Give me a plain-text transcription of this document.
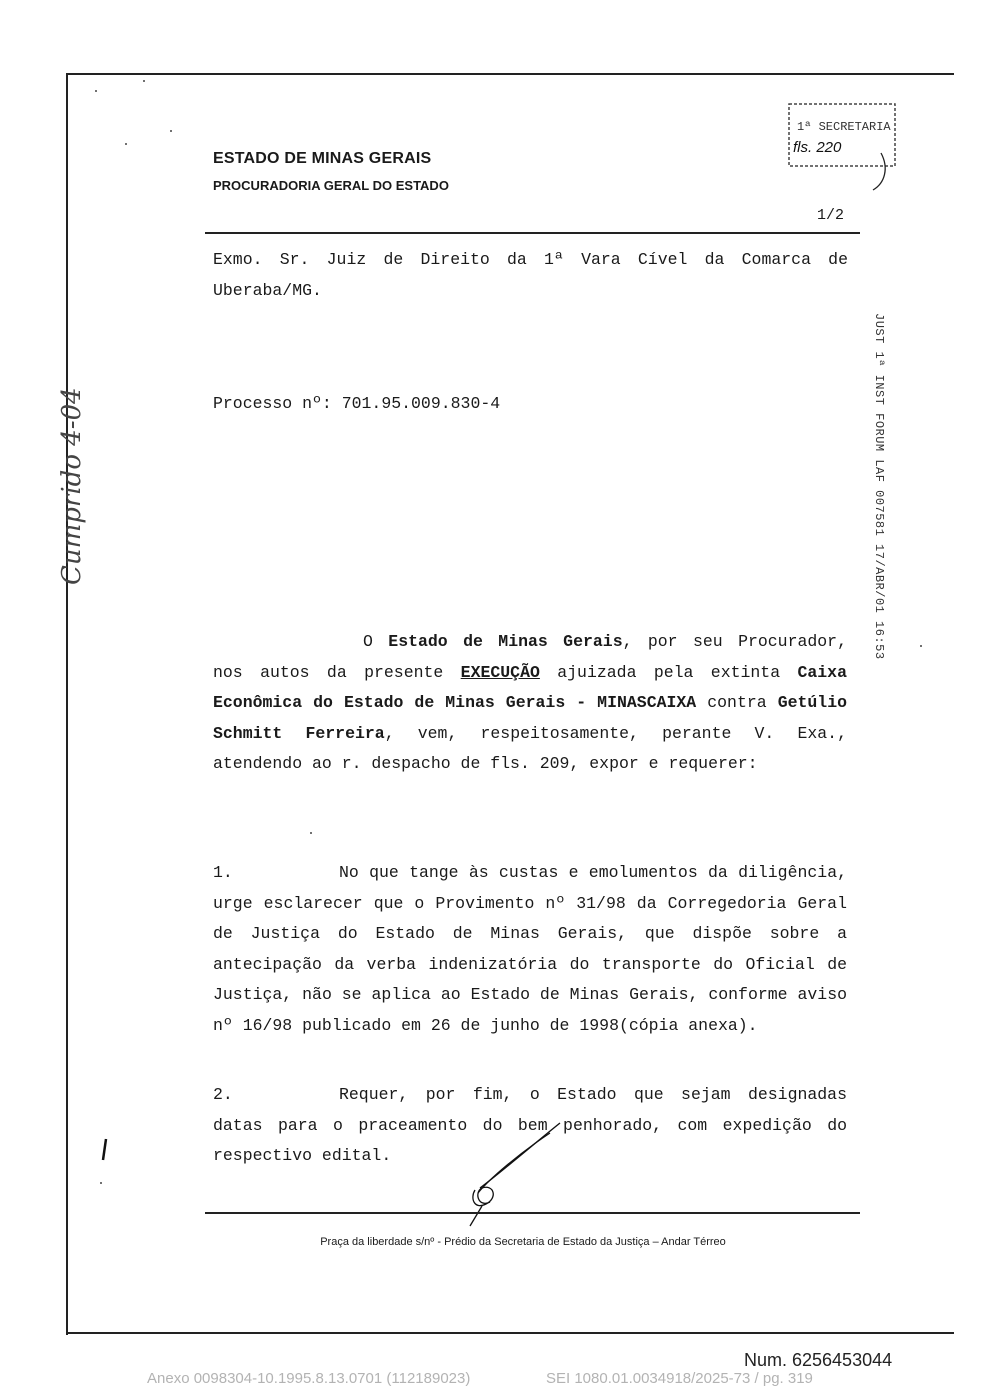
ESTADO DE MINAS GERAIS
PROCURADORIA GERAL DO ESTADO
1/2
1ª SECRETARIA
fls. 220
JUST 1ª INST FORUM LAF 007581 17/ABR/01 16:53
Cumprido 4-04
Exmo. Sr. Juiz de Direito da 1ª Vara Cível da Comarca de Uberaba/MG.
Processo nº: 701.95.009.830-4
O Estado de Minas Gerais, por seu Procurador, nos autos da presente EXECUÇÃO ajuizada pela extinta Caixa Econômica do Estado de Minas Gerais - MINASCAIXA contra Getúlio Schmitt Ferreira, vem, respeitosamente, perante V. Exa., atendendo ao r. despacho de fls. 209, expor e requerer:
1.	No que tange às custas e emolumentos da diligência, urge esclarecer que o Provimento nº 31/98 da Corregedoria Geral de Justiça do Estado de Minas Gerais, que dispõe sobre a antecipação da verba indenizatória do transporte do Oficial de Justiça, não se aplica ao Estado de Minas Gerais, conforme aviso nº 16/98 publicado em 26 de junho de 1998(cópia anexa).
2.	Requer, por fim, o Estado que sejam designadas datas para o praceamento do bem penhorado, com expedição do respectivo edital.
Praça da liberdade s/nº - Prédio da Secretaria de Estado da Justiça – Andar Térreo
Num. 6256453044
Anexo 0098304-10.1995.8.13.0701 (112189023)	SEI 1080.01.0034918/2025-73 / pg. 319
